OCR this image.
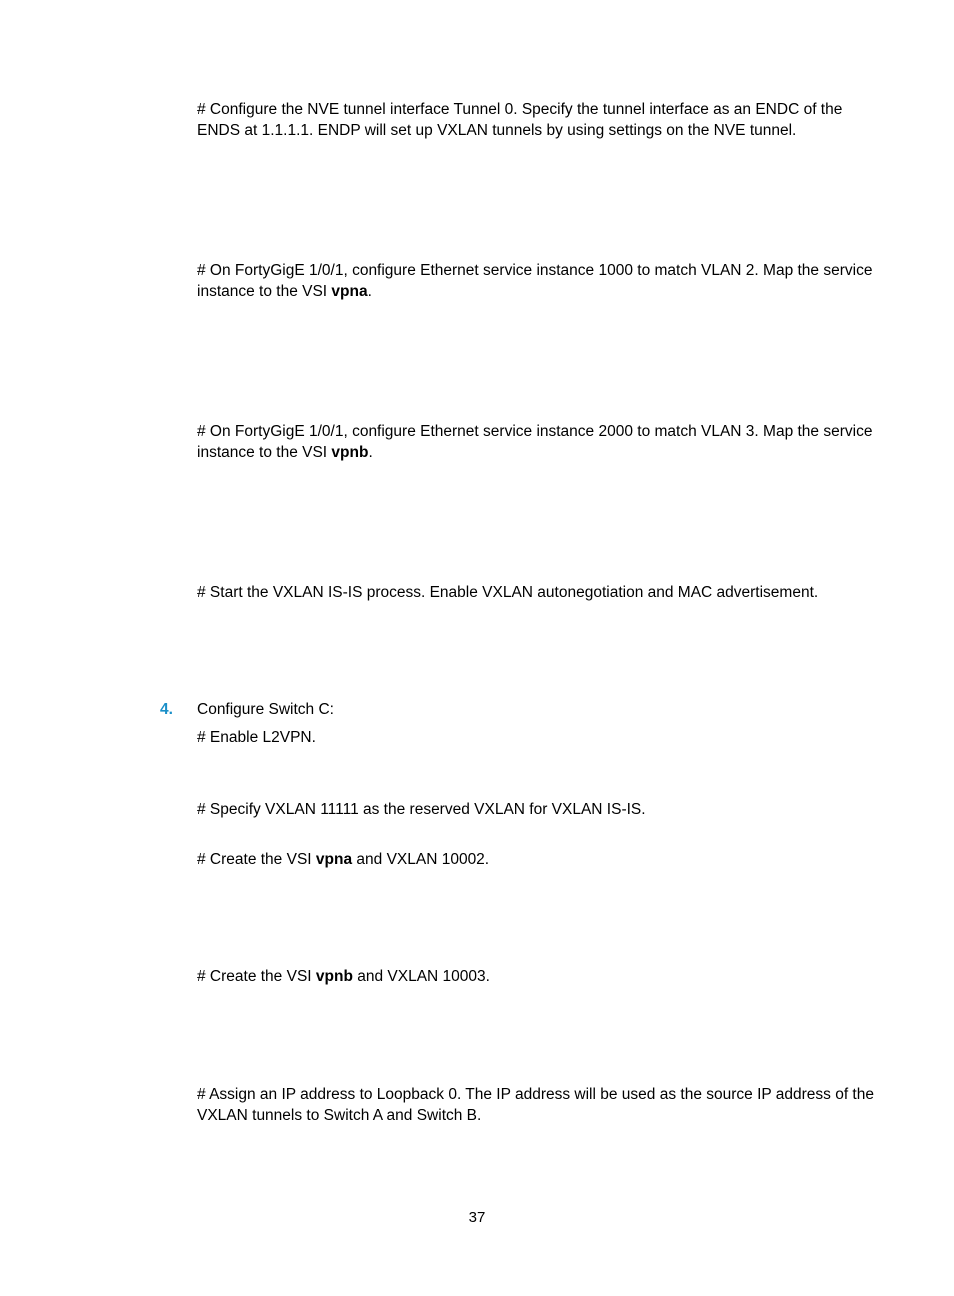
# Configure the NVE tunnel interface Tunnel 0. Specify the tunnel interface as an ENDC of the ENDS at 1.1.1.1. ENDP will set up VXLAN tunnels by using settings on the NVE tunnel.

# On FortyGigE 1/0/1, configure Ethernet service instance 1000 to match VLAN 2. Map the service instance to the VSI vpna.

# On FortyGigE 1/0/1, configure Ethernet service instance 2000 to match VLAN 3. Map the service instance to the VSI vpnb.

# Start the VXLAN IS-IS process. Enable VXLAN autonegotiation and MAC advertisement.

4. Configure Switch C:

# Enable L2VPN.

# Specify VXLAN 11111 as the reserved VXLAN for VXLAN IS-IS.

# Create the VSI vpna and VXLAN 10002.

# Create the VSI vpnb and VXLAN 10003.

# Assign an IP address to Loopback 0. The IP address will be used as the source IP address of the VXLAN tunnels to Switch A and Switch B.

37
